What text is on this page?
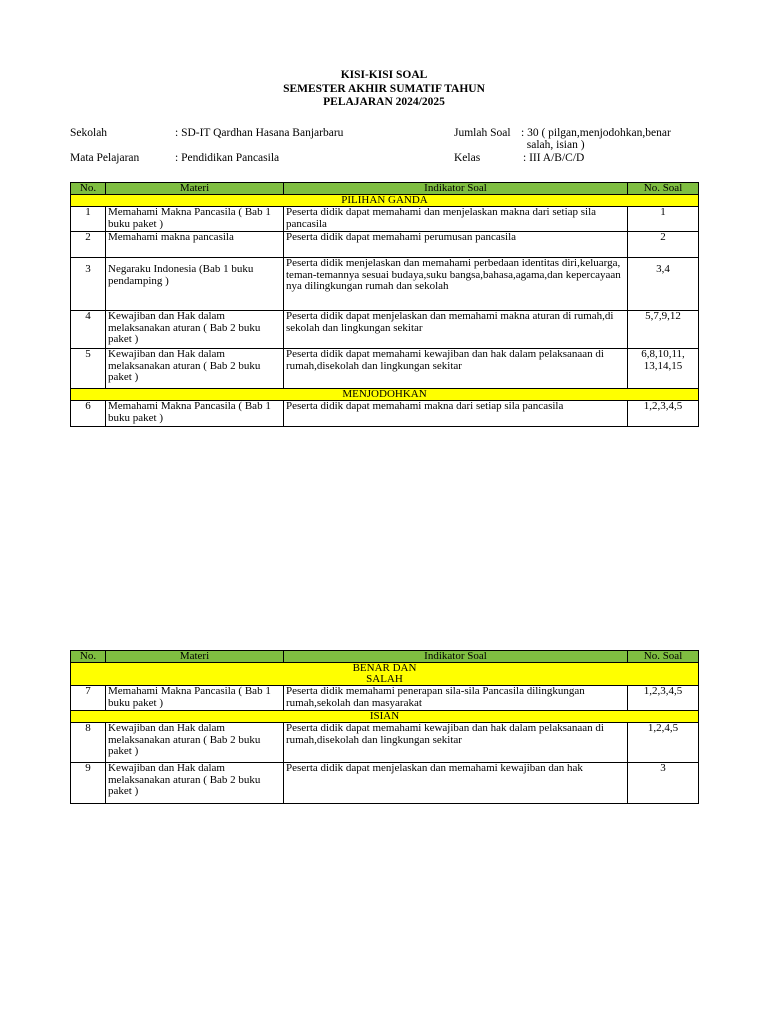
KISI-KISI SOAL
SEMESTER AKHIR SUMATIF TAHUN
PELAJARAN 2024/2025
Sekolah	: SD-IT Qardhan Hasana Banjarbaru	Jumlah Soal : 30 ( pilgan,menjodohkan,benar salah, isian )
Mata Pelajaran	: Pendidikan Pancasila	Kelas	: III A/B/C/D
No.	Materi	Indikator Soal	No. Soal
PILIHAN GANDA			
1	Memahami Makna Pancasila ( Bab 1 buku paket )	Peserta didik dapat memahami dan menjelaskan makna dari setiap sila pancasila	1
2	Memahami makna pancasila	Peserta didik dapat memahami perumusan pancasila	2
3	Negaraku Indonesia (Bab 1 buku pendamping )	Peserta didik menjelaskan dan memahami perbedaan identitas diri,keluarga, teman-temannya sesuai budaya,suku bangsa,bahasa,agama,dan kepercayaan nya dilingkungan rumah dan sekolah	3,4
4	Kewajiban dan Hak dalam melaksanakan aturan ( Bab 2 buku paket )	Peserta didik dapat menjelaskan dan memahami makna aturan di rumah,di sekolah dan lingkungan sekitar	5,7,9,12
5	Kewajiban dan Hak dalam melaksanakan aturan ( Bab 2 buku paket )	Peserta didik dapat memahami kewajiban dan hak dalam pelaksanaan di rumah,disekolah dan lingkungan sekitar	6,8,10,11, 13,14,15
MENJODOHKAN			
6	Memahami Makna Pancasila ( Bab 1 buku paket )	Peserta didik dapat memahami makna dari setiap sila pancasila	1,2,3,4,5
No.	Materi	Indikator Soal	No. Soal

BENAR DAN SALAH			

7	Memahami Makna Pancasila ( Bab 1 buku paket )	Peserta didik memahami penerapan sila-sila Pancasila dilingkungan rumah,sekolah dan masyarakat	1,2,3,4,5
ISIAN			
8	Kewajiban dan Hak dalam melaksanakan aturan ( Bab 2 buku paket )	Peserta didik dapat memahami kewajiban dan hak dalam pelaksanaan di rumah,disekolah dan lingkungan sekitar	1,2,4,5
9	Kewajiban dan Hak dalam melaksanakan aturan ( Bab 2 buku paket )	Peserta didik dapat menjelaskan dan memahami kewajiban dan hak	3
